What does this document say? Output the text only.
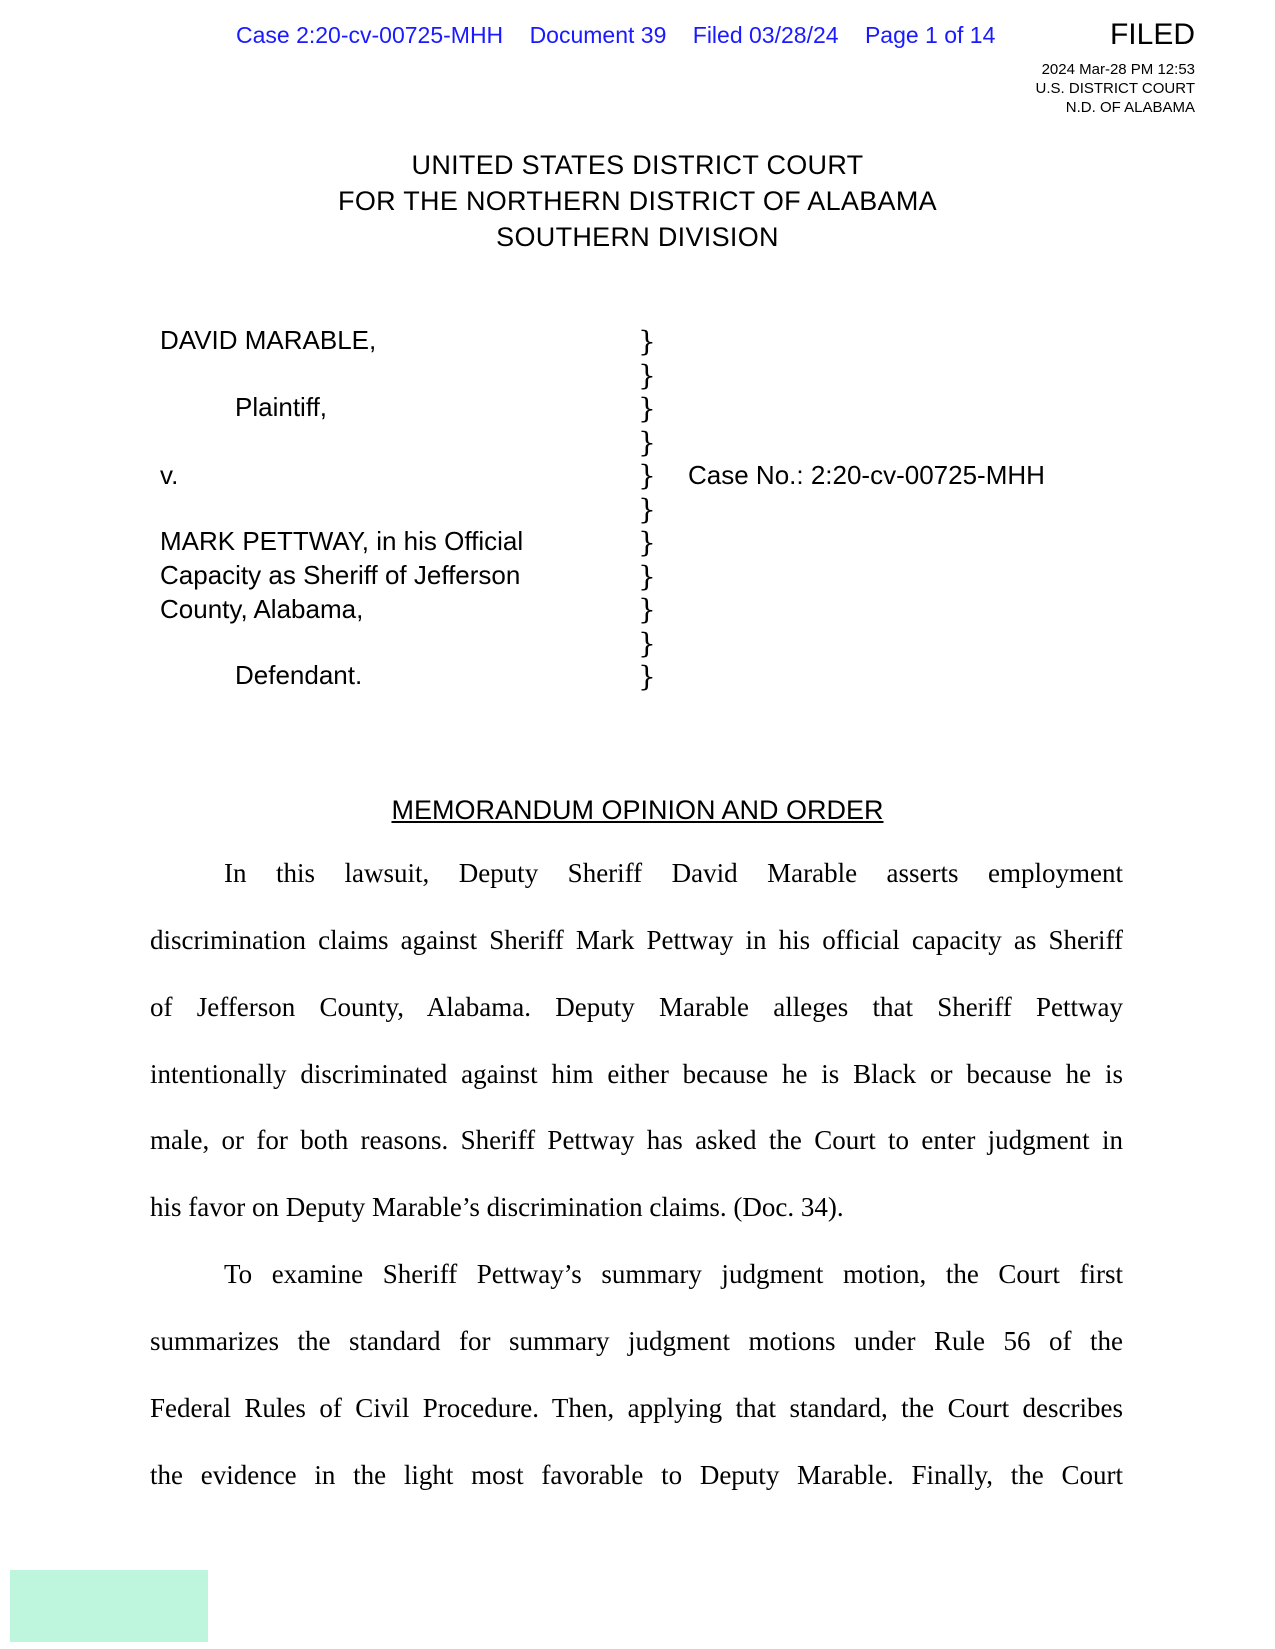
Case 2:20-cv-00725-MHH Document 39 Filed 03/28/24 Page 1 of 14	FILED
2024 Mar-28 PM 12:53
U.S. DISTRICT COURT
N.D. OF ALABAMA
UNITED STATES DISTRICT COURT
FOR THE NORTHERN DISTRICT OF ALABAMA
SOUTHERN DIVISION
DAVID MARABLE,
Plaintiff,
v.
MARK PETTWAY, in his Official
Capacity as Sheriff of Jefferson
County, Alabama,
Defendant.
}
}
}
}
}
}
}
}
}
}
}
Case No.: 2:20-cv-00725-MHH
MEMORANDUM OPINION AND ORDER
In this lawsuit, Deputy Sheriff David Marable asserts employment
discrimination claims against Sheriff Mark Pettway in his official capacity as Sheriff
of Jefferson County, Alabama. Deputy Marable alleges that Sheriff Pettway
intentionally discriminated against him either because he is Black or because he is
male, or for both reasons. Sheriff Pettway has asked the Court to enter judgment in
his favor on Deputy Marable’s discrimination claims. (Doc. 34).
To examine Sheriff Pettway’s summary judgment motion, the Court first
summarizes the standard for summary judgment motions under Rule 56 of the
Federal Rules of Civil Procedure. Then, applying that standard, the Court describes
the evidence in the light most favorable to Deputy Marable. Finally, the Court
